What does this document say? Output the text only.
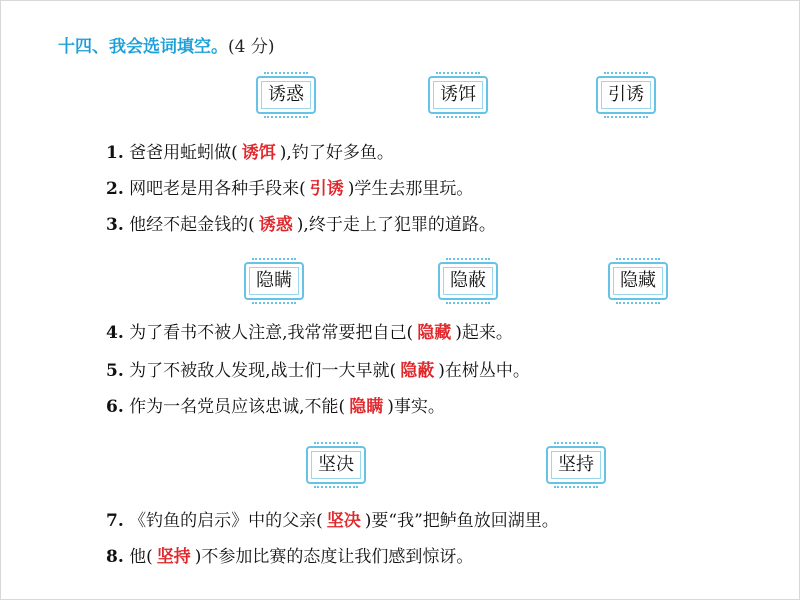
十四、我会选词填空。(4 分)
诱惑	诱饵	引诱
1. 爸爸用蚯蚓做( 诱饵 ),钓了好多鱼。
2. 网吧老是用各种手段来( 引诱 )学生去那里玩。
3. 他经不起金钱的( 诱惑 ),终于走上了犯罪的道路。
隐瞒	隐蔽	隐藏
4. 为了看书不被人注意,我常常要把自己( 隐藏 )起来。
5. 为了不被敌人发现,战士们一大早就( 隐蔽 )在树丛中。
6. 作为一名党员应该忠诚,不能( 隐瞒 )事实。
坚决	坚持
7. 《钓鱼的启示》中的父亲( 坚决 )要“我”把鲈鱼放回湖里。
8. 他( 坚持 )不参加比赛的态度让我们感到惊讶。
